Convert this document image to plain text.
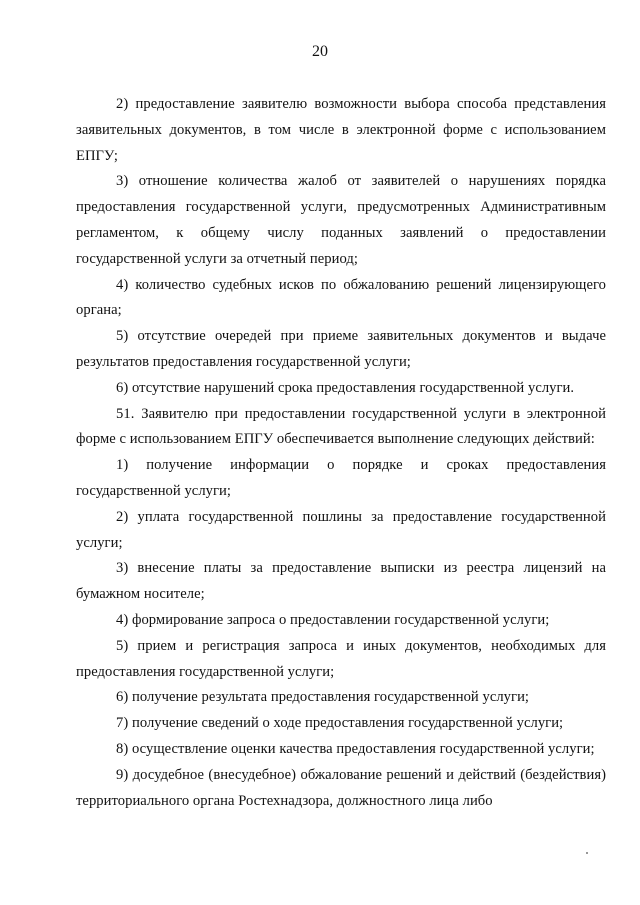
20

2) предоставление заявителю возможности выбора способа представления заявительных документов, в том числе в электронной форме с использованием ЕПГУ;

3) отношение количества жалоб от заявителей о нарушениях порядка предоставления государственной услуги, предусмотренных Административным регламентом, к общему числу поданных заявлений о предоставлении государственной услуги за отчетный период;

4) количество судебных исков по обжалованию решений лицензирующего органа;

5) отсутствие очередей при приеме заявительных документов и выдаче результатов предоставления государственной услуги;

6) отсутствие нарушений срока предоставления государственной услуги.

51. Заявителю при предоставлении государственной услуги в электронной форме с использованием ЕПГУ обеспечивается выполнение следующих действий:

1) получение информации о порядке и сроках предоставления государственной услуги;

2) уплата государственной пошлины за предоставление государственной услуги;

3) внесение платы за предоставление выписки из реестра лицензий на бумажном носителе;

4) формирование запроса о предоставлении государственной услуги;

5) прием и регистрация запроса и иных документов, необходимых для предоставления государственной услуги;

6) получение результата предоставления государственной услуги;

7) получение сведений о ходе предоставления государственной услуги;

8) осуществление оценки качества предоставления государственной услуги;

9) досудебное (внесудебное) обжалование решений и действий (бездействия) территориального органа Ростехнадзора, должностного лица либо
